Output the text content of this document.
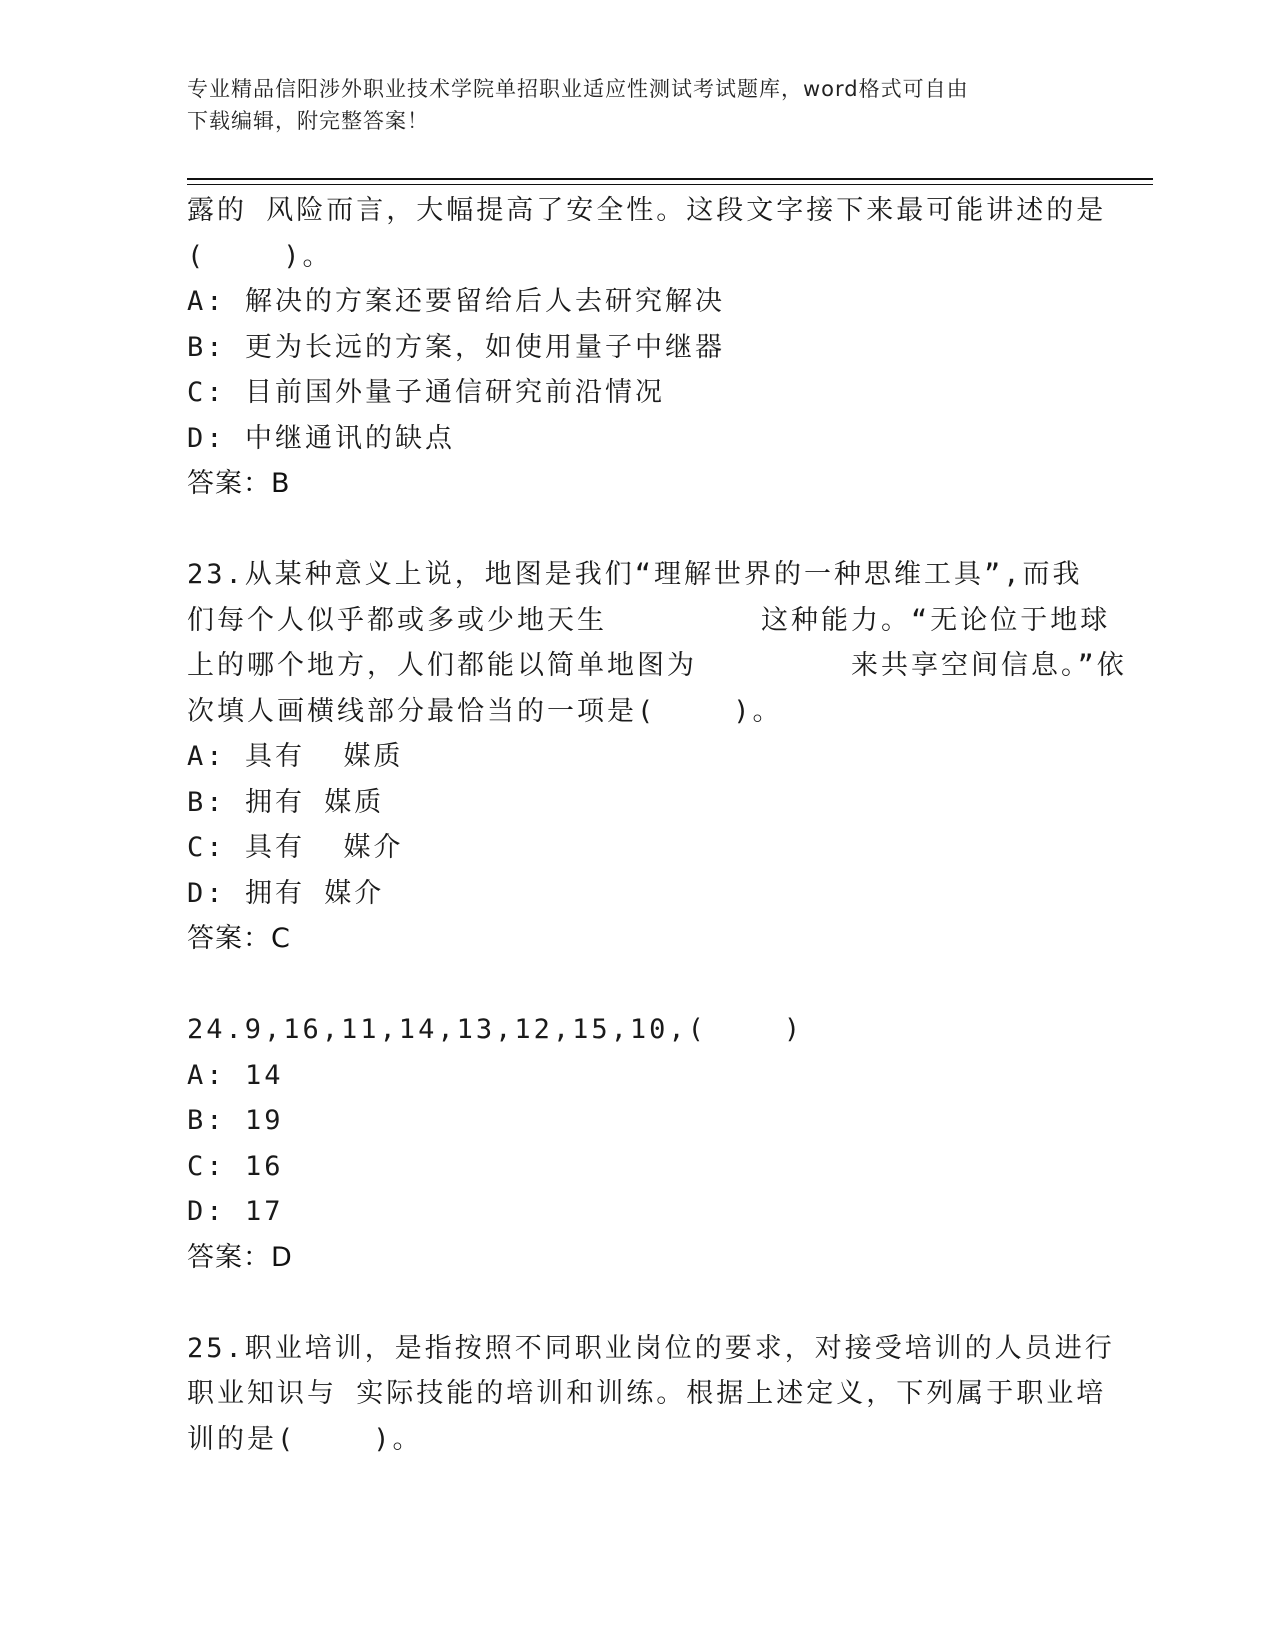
专业精品信阳涉外职业技术学院单招职业适应性测试考试题库，word格式可自由
下载编辑，附完整答案！
露的 风险而言，大幅提高了安全性。这段文字接下来最可能讲述的是
(    )。
A: 解决的方案还要留给后人去研究解决
B: 更为长远的方案，如使用量子中继器
C: 目前国外量子通信研究前沿情况
D: 中继通讯的缺点
答案：B
23.从某种意义上说，地图是我们“理解世界的一种思维工具”,而我
们每个人似乎都或多或少地天生        这种能力。“无论位于地球
上的哪个地方，人们都能以简单地图为        来共享空间信息。”依
次填人画横线部分最恰当的一项是(    )。
A: 具有  媒质
B: 拥有 媒质
C: 具有  媒介
D: 拥有 媒介
答案：C
24.9,16,11,14,13,12,15,10,(    )
A: 14
B: 19
C: 16
D: 17
答案：D
25.职业培训，是指按照不同职业岗位的要求，对接受培训的人员进行
职业知识与 实际技能的培训和训练。根据上述定义，下列属于职业培
训的是(    )。
